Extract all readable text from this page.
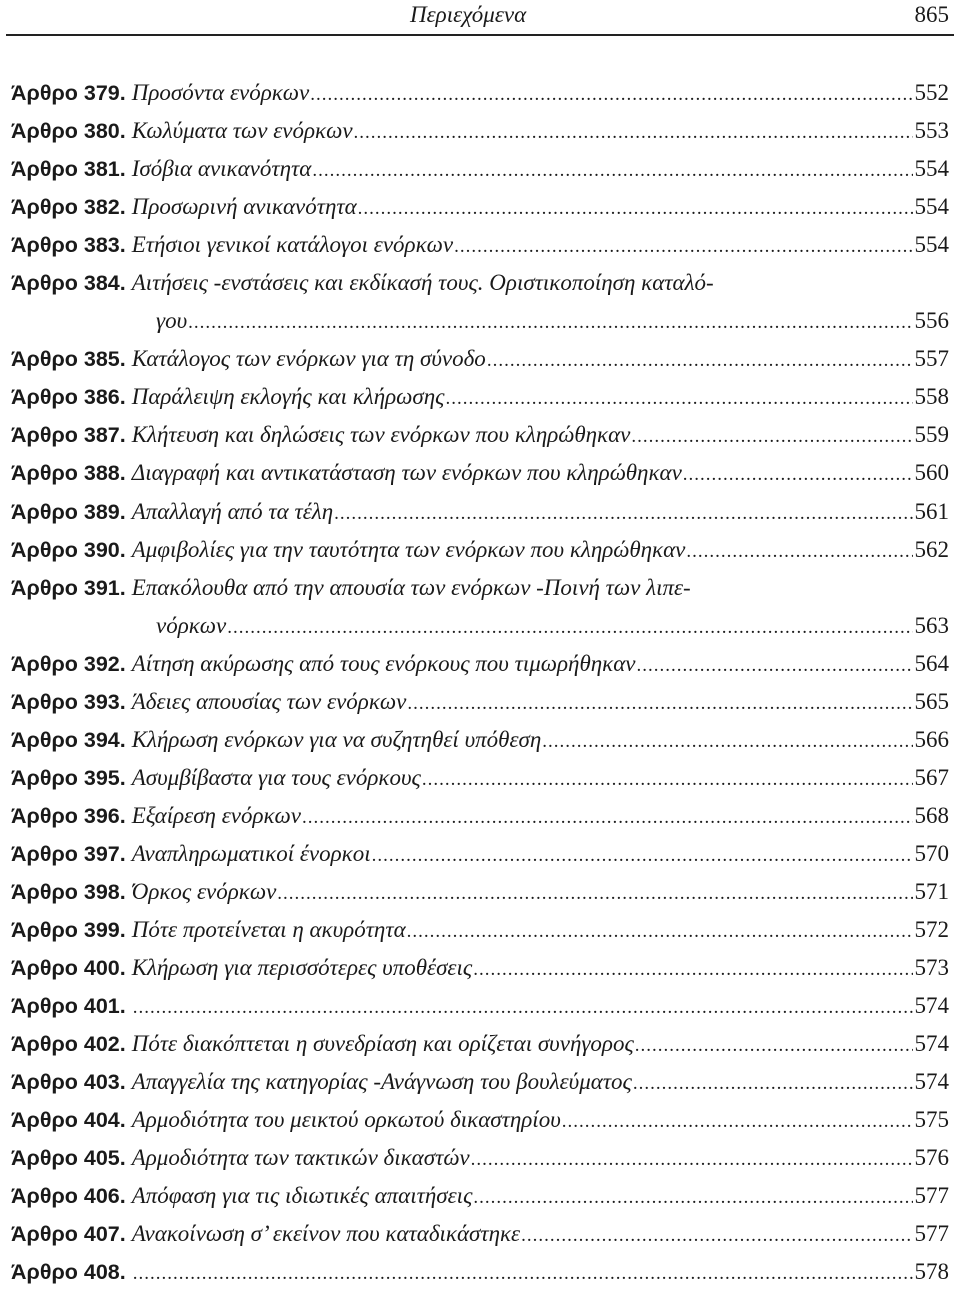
Περιεχόμενα	865
Άρθρο 379. Προσόντα ενόρκων .....	552
Άρθρο 380. Κωλύματα των ενόρκων .....	553
Άρθρο 381. Ισόβια ανικανότητα .....	554
Άρθρο 382. Προσωρινή ανικανότητα .....	554
Άρθρο 383. Ετήσιοι γενικοί κατάλογοι ενόρκων .....	554
Άρθρο 384. Αιτήσεις -ενστάσεις και εκδίκασή τους. Οριστικοποίηση καταλό-
γου .....	556
Άρθρο 385. Κατάλογος των ενόρκων για τη σύνοδο .....	557
Άρθρο 386. Παράλειψη εκλογής και κλήρωσης .....	558
Άρθρο 387. Κλήτευση και δηλώσεις των ενόρκων που κληρώθηκαν .....	559
Άρθρο 388. Διαγραφή και αντικατάσταση των ενόρκων που κληρώθηκαν .....	560
Άρθρο 389. Απαλλαγή από τα τέλη .....	561
Άρθρο 390. Αμφιβολίες για την ταυτότητα των ενόρκων που κληρώθηκαν .....	562
Άρθρο 391. Επακόλουθα από την απουσία των ενόρκων -Ποινή των λιπε-
νόρκων .....	563
Άρθρο 392. Αίτηση ακύρωσης από τους ενόρκους που τιμωρήθηκαν .....	564
Άρθρο 393. Άδειες απουσίας των ενόρκων .....	565
Άρθρο 394. Κλήρωση ενόρκων για να συζητηθεί υπόθεση .....	566
Άρθρο 395. Ασυμβίβαστα για τους ενόρκους .....	567
Άρθρο 396. Εξαίρεση ενόρκων .....	568
Άρθρο 397. Αναπληρωματικοί ένορκοι .....	570
Άρθρο 398. Όρκος ενόρκων .....	571
Άρθρο 399. Πότε προτείνεται η ακυρότητα .....	572
Άρθρο 400. Κλήρωση για περισσότερες υποθέσεις .....	573
Άρθρο 401. .....	574
Άρθρο 402. Πότε διακόπτεται η συνεδρίαση και ορίζεται συνήγορος .....	574
Άρθρο 403. Απαγγελία της κατηγορίας -Ανάγνωση του βουλεύματος .....	574
Άρθρο 404. Αρμοδιότητα του μεικτού ορκωτού δικαστηρίου .....	575
Άρθρο 405. Αρμοδιότητα των τακτικών δικαστών .....	576
Άρθρο 406. Απόφαση για τις ιδιωτικές απαιτήσεις .....	577
Άρθρο 407. Ανακοίνωση σ’ εκείνον που καταδικάστηκε .....	577
Άρθρο 408. .....	578
